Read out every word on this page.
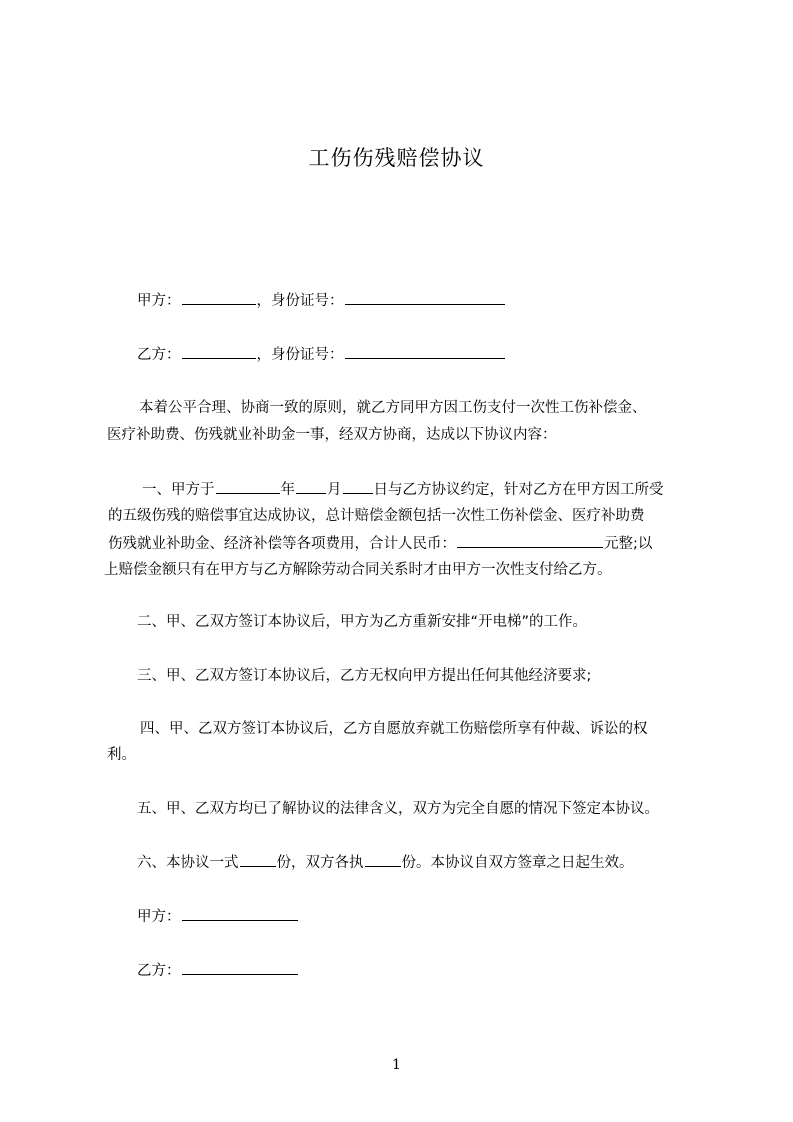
工伤伤残赔偿协议
甲方：	，身份证号：
乙方：	，身份证号：
本着公平合理、协商一致的原则，就乙方同甲方因工伤支付一次性工伤补偿金、
医疗补助费、伤残就业补助金一事，经双方协商，达成以下协议内容：
一、甲方于	年 月 日与乙方协议约定，针对乙方在甲方因工所受
的五级伤残的赔偿事宜达成协议，总计赔偿金额包括一次性工伤补偿金、医疗补助费
伤残就业补助金、经济补偿等各项费用，合计人民币：	元整;以
上赔偿金额只有在甲方与乙方解除劳动合同关系时才由甲方一次性支付给乙方。
二、甲、乙双方签订本协议后，甲方为乙方重新安排“开电梯”的工作。
三、甲、乙双方签订本协议后，乙方无权向甲方提出任何其他经济要求;
四、甲、乙双方签订本协议后，乙方自愿放弃就工伤赔偿所享有仲裁、诉讼的权
利。
五、甲、乙双方均已了解协议的法律含义，双方为完全自愿的情况下签定本协议。
六、本协议一式	份，双方各执	份。本协议自双方签章之日起生效。
甲方：
乙方：
1
